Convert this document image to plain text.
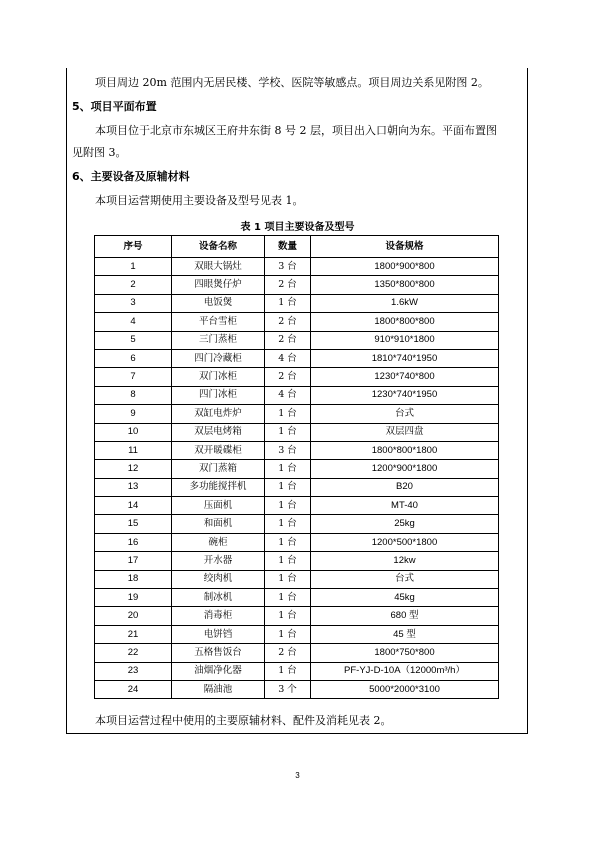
项目周边 20m 范围内无居民楼、学校、医院等敏感点。项目周边关系见附图 2。
5、项目平面布置
本项目位于北京市东城区王府井东街 8 号 2 层，项目出入口朝向为东。平面布置图
见附图 3。
6、主要设备及原辅材料
本项目运营期使用主要设备及型号见表 1。
表 1 项目主要设备及型号
序号	设备名称	数量	设备规格
1	双眼大锅灶	3 台	1800*900*800
2	四眼煲仔炉	2 台	1350*800*800
3	电饭煲	1 台	1.6kW
4	平台雪柜	2 台	1800*800*800
5	三门蒸柜	2 台	910*910*1800
6	四门冷藏柜	4 台	1810*740*1950
7	双门冰柜	2 台	1230*740*800
8	四门冰柜	4 台	1230*740*1950
9	双缸电炸炉	1 台	台式
10	双层电烤箱	1 台	双层四盘
11	双开暖碟柜	3 台	1800*800*1800
12	双门蒸箱	1 台	1200*900*1800
13	多功能搅拌机	1 台	B20
14	压面机	1 台	MT-40
15	和面机	1 台	25kg
16	碗柜	1 台	1200*500*1800
17	开水器	1 台	12kw
18	绞肉机	1 台	台式
19	制冰机	1 台	45kg
20	消毒柜	1 台	680 型
21	电饼铛	1 台	45 型
22	五格售饭台	2 台	1800*750*800
23	油烟净化器	1 台	PF-YJ-D-10A（12000m³/h）
24	隔油池	3 个	5000*2000*3100
本项目运营过程中使用的主要原辅材料、配件及消耗见表 2。
3
